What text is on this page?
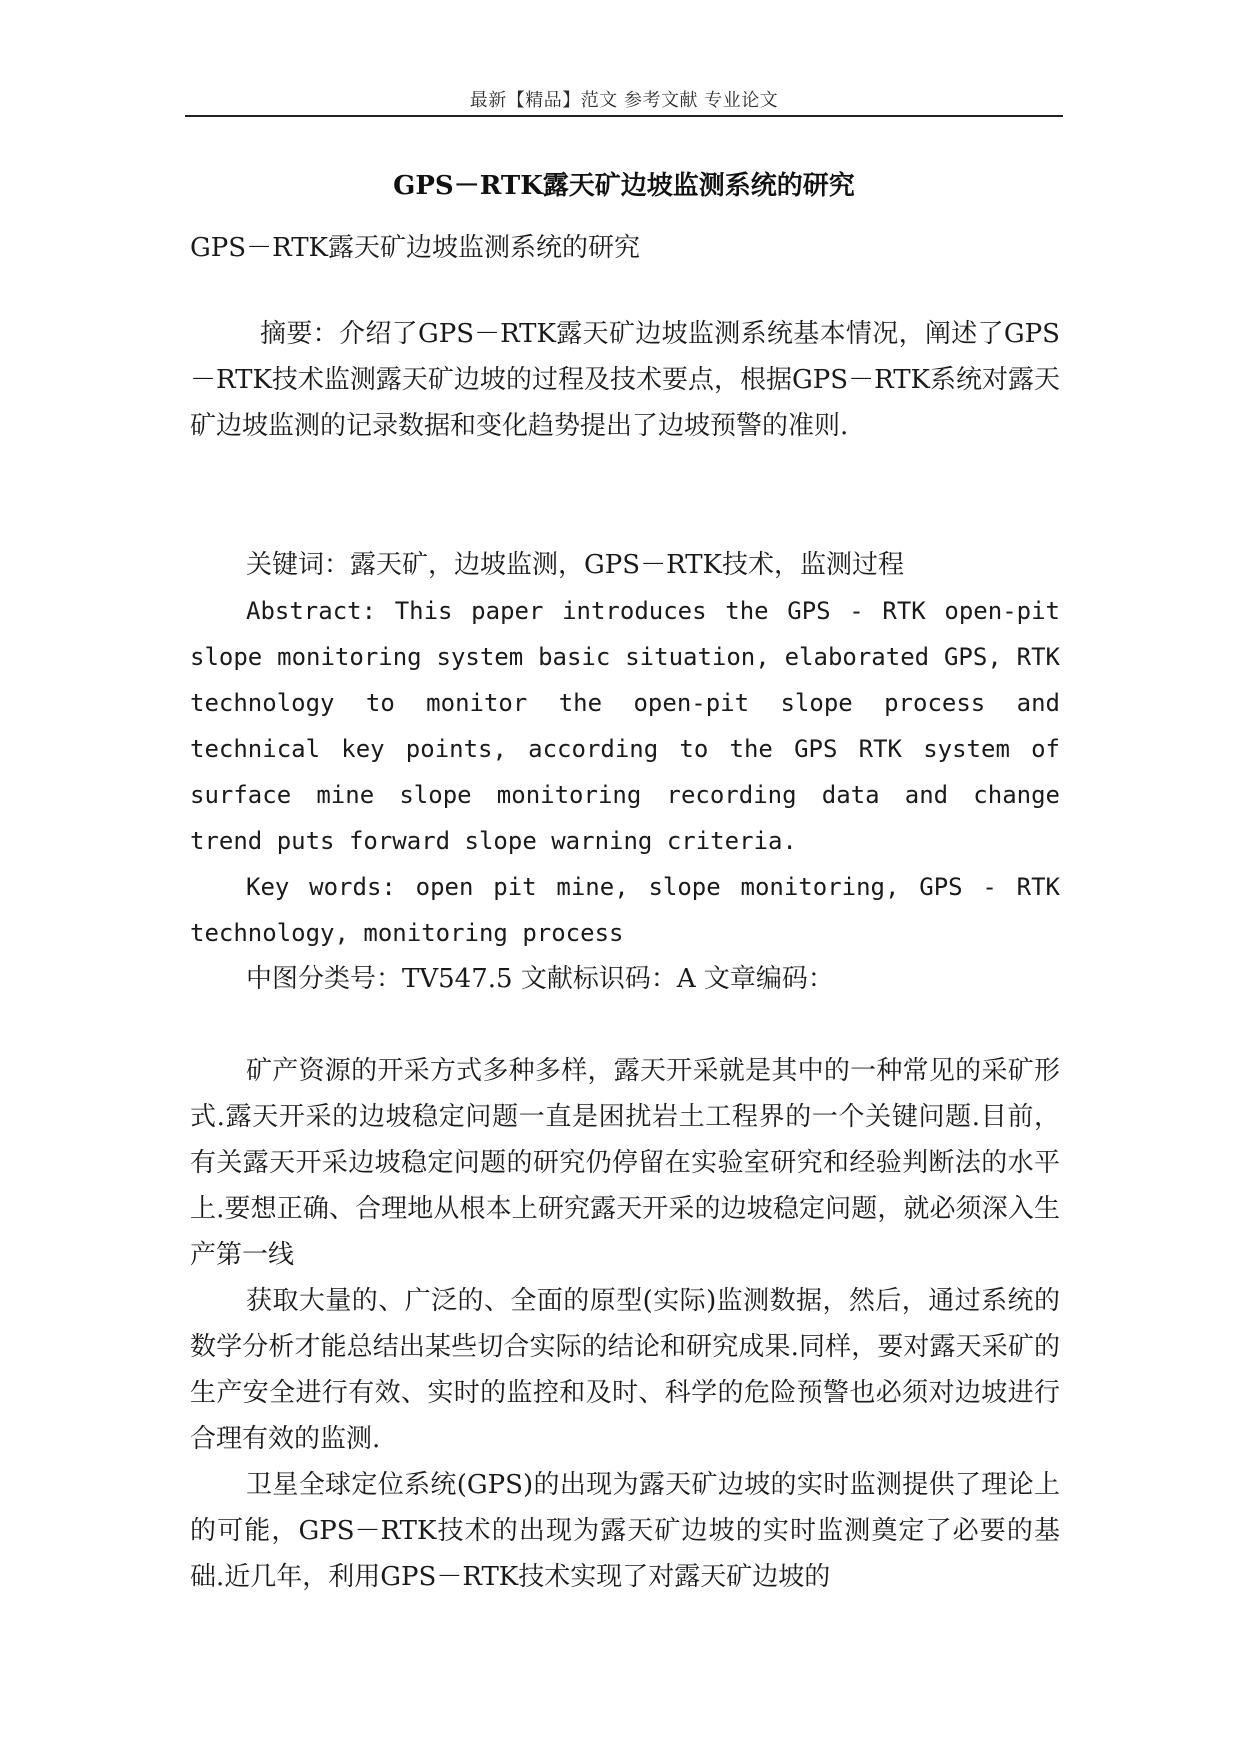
最新【精品】范文 参考文献 专业论文
GPS－RTK露天矿边坡监测系统的研究
GPS－RTK露天矿边坡监测系统的研究

摘要：介绍了GPS－RTK露天矿边坡监测系统基本情况，阐述了GPS－RTK技术监测露天矿边坡的过程及技术要点，根据GPS－RTK系统对露天矿边坡监测的记录数据和变化趋势提出了边坡预警的准则.

关键词：露天矿，边坡监测，GPS－RTK技术，监测过程

Abstract: This paper introduces the GPS - RTK open-pit slope monitoring system basic situation, elaborated GPS, RTK technology to monitor the open-pit slope process and technical key points, according to the GPS RTK system of surface mine slope monitoring recording data and change trend puts forward slope warning criteria.

Key words: open pit mine, slope monitoring, GPS - RTK technology, monitoring process

中图分类号：TV547.5 文献标识码：A 文章编码：

矿产资源的开采方式多种多样，露天开采就是其中的一种常见的采矿形式.露天开采的边坡稳定问题一直是困扰岩土工程界的一个关键问题.目前，有关露天开采边坡稳定问题的研究仍停留在实验室研究和经验判断法的水平上.要想正确、合理地从根本上研究露天开采的边坡稳定问题，就必须深入生产第一线

获取大量的、广泛的、全面的原型(实际)监测数据，然后，通过系统的数学分析才能总结出某些切合实际的结论和研究成果.同样，要对露天采矿的生产安全进行有效、实时的监控和及时、科学的危险预警也必须对边坡进行合理有效的监测.

卫星全球定位系统(GPS)的出现为露天矿边坡的实时监测提供了理论上的可能，GPS－RTK技术的出现为露天矿边坡的实时监测奠定了必要的基础.近几年，利用GPS－RTK技术实现了对露天矿边坡的
